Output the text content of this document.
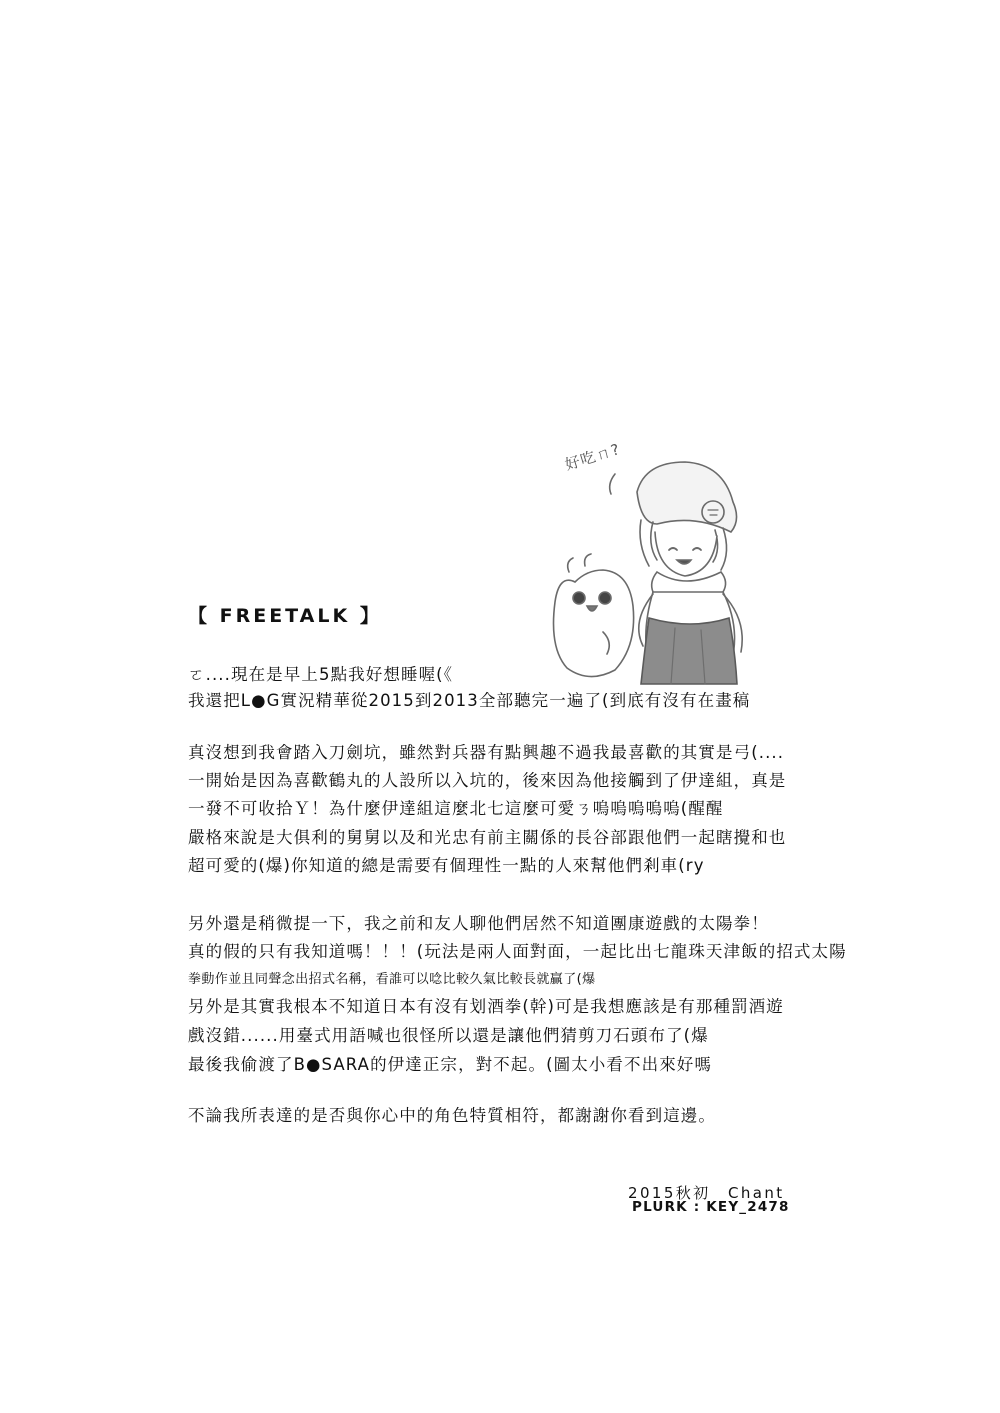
好吃ㄇ?
【 FREETALK 】
ㄛ....現在是早上5點我好想睡喔(《
我還把L●G實況精華從2015到2013全部聽完一遍了(到底有沒有在畫稿
真沒想到我會踏入刀劍坑，雖然對兵器有點興趣不過我最喜歡的其實是弓(....
一開始是因為喜歡鶴丸的人設所以入坑的，後來因為他接觸到了伊達組，真是
一發不可收拾Ｙ！為什麼伊達組這麼北七這麼可愛ㄋ嗚嗚嗚嗚嗚(醒醒
嚴格來說是大俱利的舅舅以及和光忠有前主關係的長谷部跟他們一起瞎攪和也
超可愛的(爆)你知道的總是需要有個理性一點的人來幫他們剎車(ry
另外還是稍微提一下，我之前和友人聊他們居然不知道團康遊戲的太陽拳！
真的假的只有我知道嗎！！！(玩法是兩人面對面，一起比出七龍珠天津飯的招式太陽
拳動作並且同聲念出招式名稱，看誰可以唸比較久氣比較長就贏了(爆
另外是其實我根本不知道日本有沒有划酒拳(幹)可是我想應該是有那種罰酒遊
戲沒錯......用臺式用語喊也很怪所以還是讓他們猜剪刀石頭布了(爆
最後我偷渡了B●SARA的伊達正宗，對不起。(圖太小看不出來好嗎
不論我所表達的是否與你心中的角色特質相符，都謝謝你看到這邊。
2015秋初　Chant
PLURK : KEY_2478
